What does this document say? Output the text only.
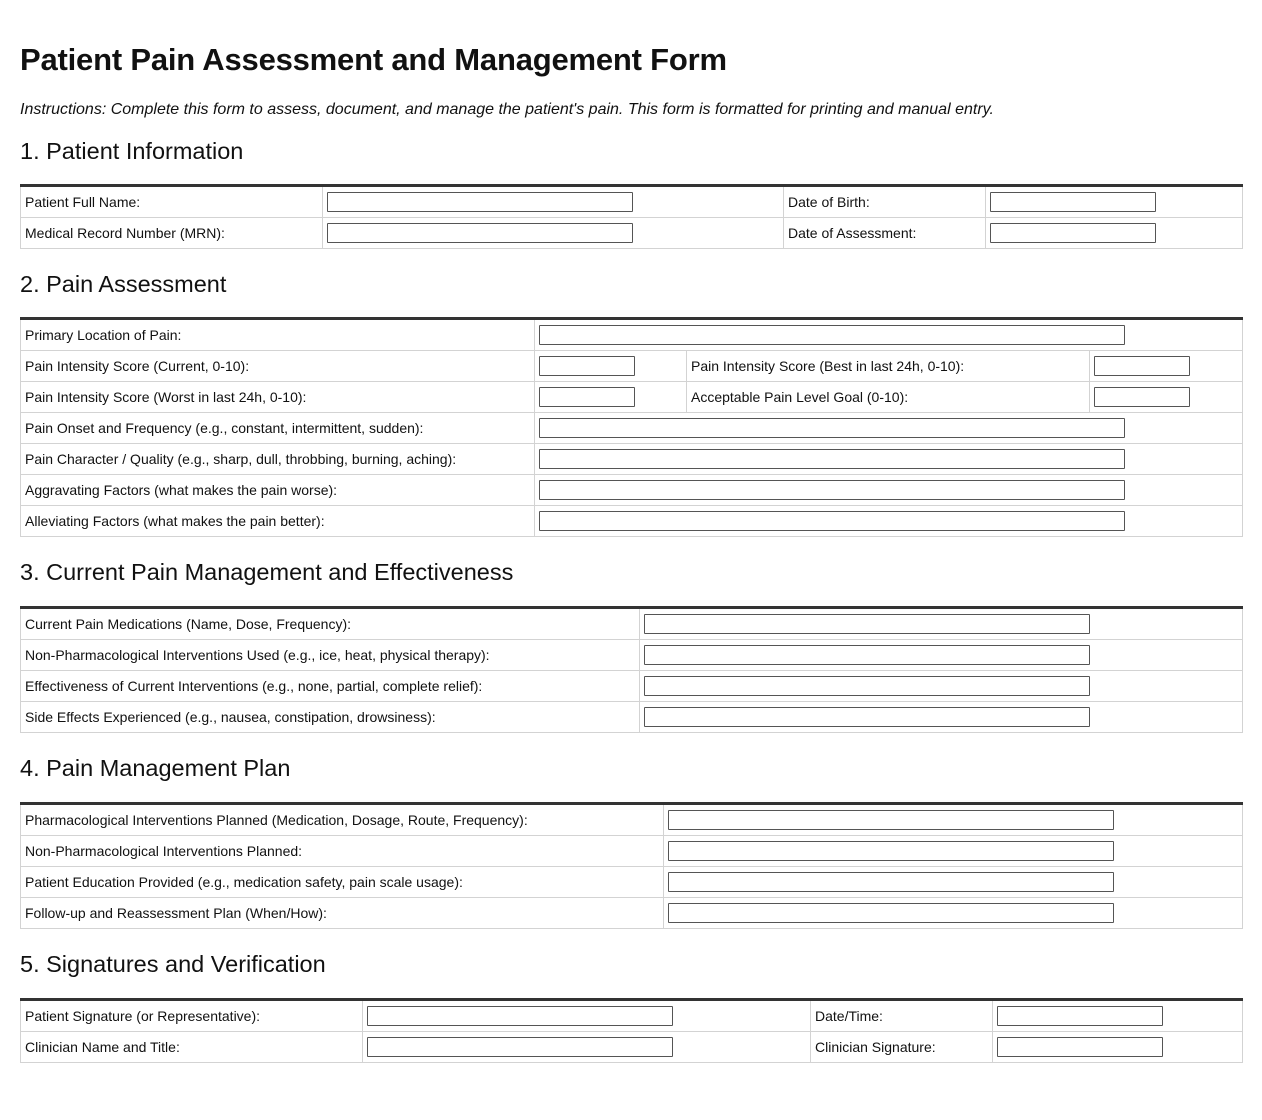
Patient Pain Assessment and Management Form

Instructions: Complete this form to assess, document, and manage the patient's pain. This form is formatted for printing and manual entry.

1. Patient Information
Patient Full Name:		Date of Birth:	

Medical Record Number (MRN):		Date of Assessment:	
2. Pain Assessment
Primary Location of Pain:			

Pain Intensity Score (Current, 0-10):		Pain Intensity Score (Best in last 24h, 0-10):	

Pain Intensity Score (Worst in last 24h, 0-10):		Acceptable Pain Level Goal (0-10):	

Pain Onset and Frequency (e.g., constant, intermittent, sudden):			

Pain Character / Quality (e.g., sharp, dull, throbbing, burning, aching):			

Aggravating Factors (what makes the pain worse):			

Alleviating Factors (what makes the pain better):			
3. Current Pain Management and Effectiveness
Current Pain Medications (Name, Dose, Frequency):	

Non-Pharmacological Interventions Used (e.g., ice, heat, physical therapy):	

Effectiveness of Current Interventions (e.g., none, partial, complete relief):	

Side Effects Experienced (e.g., nausea, constipation, drowsiness):	
4. Pain Management Plan
Pharmacological Interventions Planned (Medication, Dosage, Route, Frequency):	

Non-Pharmacological Interventions Planned:	

Patient Education Provided (e.g., medication safety, pain scale usage):	

Follow-up and Reassessment Plan (When/How):	
5. Signatures and Verification
Patient Signature (or Representative):		Date/Time:	

Clinician Name and Title:		Clinician Signature:	
